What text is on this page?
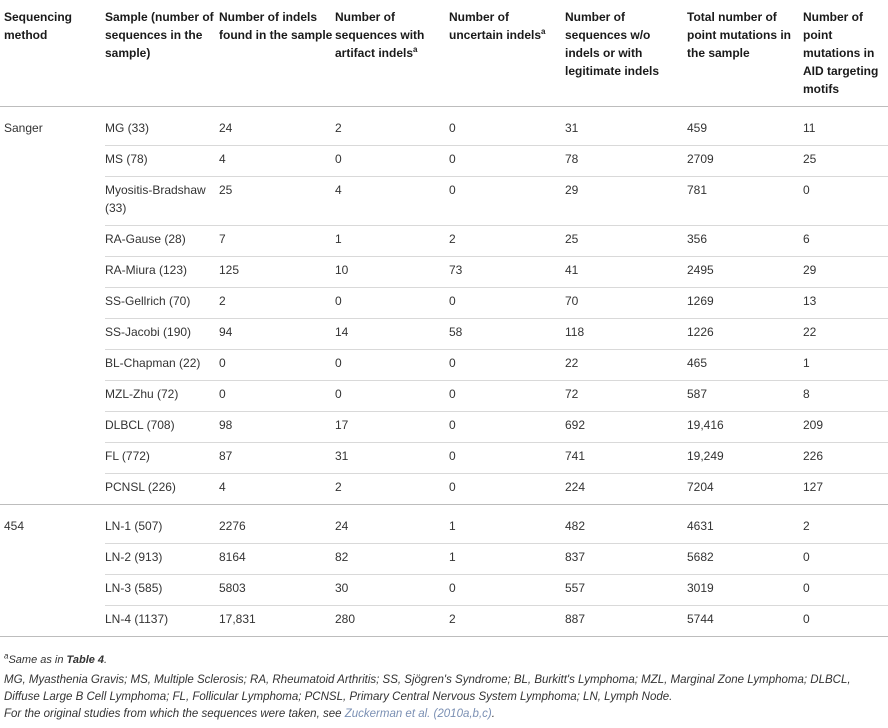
Sequencing method	Sample (number of sequences in the sample)	Number of indels found in the sample	Number of sequences with artifact indels$^a$	Number of uncertain indels$^a$	Number of sequences w/o indels or with legitimate indels	Total number of point mutations in the sample	Number of point mutations in AID targeting motifs
Sanger	MG (33)	24	2	0	31	459	11
	MS (78)	4	0	0	78	2709	25
	Myositis-Bradshaw (33)	25	4	0	29	781	0
	RA-Gause (28)	7	1	2	25	356	6
	RA-Miura (123)	125	10	73	41	2495	29
	SS-Gellrich (70)	2	0	0	70	1269	13
	SS-Jacobi (190)	94	14	58	118	1226	22
	BL-Chapman (22)	0	0	0	22	465	1
	MZL-Zhu (72)	0	0	0	72	587	8
	DLBCL (708)	98	17	0	692	19,416	209
	FL (772)	87	31	0	741	19,249	226
	PCNSL (226)	4	2	0	224	7204	127
454	LN-1 (507)	2276	24	1	482	4631	2
	LN-2 (913)	8164	82	1	837	5682	0
	LN-3 (585)	5803	30	0	557	3019	0
	LN-4 (1137)	17,831	280	2	887	5744	0
$^a$Same as in Table 4.
MG, Myasthenia Gravis; MS, Multiple Sclerosis; RA, Rheumatoid Arthritis; SS, Sjögren's Syndrome; BL, Burkitt's Lymphoma; MZL, Marginal Zone Lymphoma; DLBCL, Diffuse Large B Cell Lymphoma; FL, Follicular Lymphoma; PCNSL, Primary Central Nervous System Lymphoma; LN, Lymph Node.
For the original studies from which the sequences were taken, see Zuckerman et al. (2010a,b,c).
